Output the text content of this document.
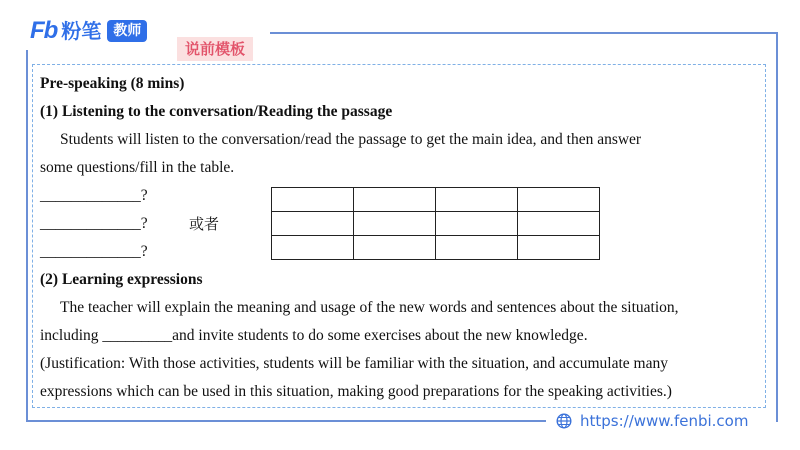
Fb 粉笔 教师
说前模板
Pre-speaking (8 mins)
(1) Listening to the conversation/Reading the passage
Students will listen to the conversation/read the passage to get the main idea, and then answer
some questions/fill in the table.
_____________?
_____________?
_____________?
或者

(2) Learning expressions
The teacher will explain the meaning and usage of the new words and sentences about the situation,
including _________and invite students to do some exercises about the new knowledge.
(Justification: With those activities, students will be familiar with the situation, and accumulate many
expressions which can be used in this situation, making good preparations for the speaking activities.)
https://www.fenbi.com
